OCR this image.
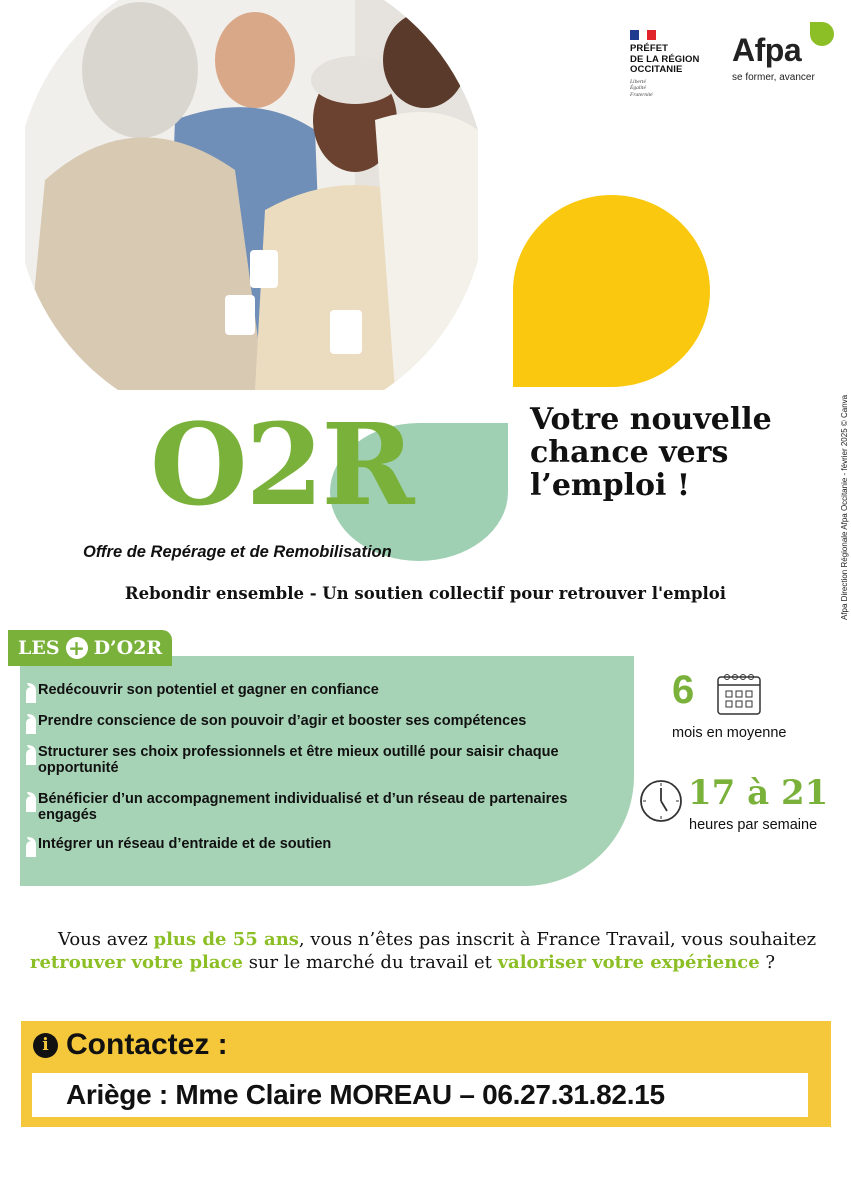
PRÉFET
DE LA RÉGION
OCCITANIE
Liberté
Égalité
Fraternité
Afpa
se former, avancer
O2R
Offre de Repérage et de Remobilisation
Votre nouvelle
chance vers
l’emploi !	Afpa Direction Régionale Afpa Occitanie - février 2025 © Canva
Rebondir ensemble - Un soutien collectif pour retrouver l'emploi
LES + D’O2R
Redécouvrir son potentiel et gagner en confiance
Prendre conscience de son pouvoir d’agir et booster ses compétences
Structurer ses choix professionnels et être mieux outillé pour saisir chaque opportunité
Bénéficier d’un accompagnement individualisé et d’un réseau de partenaires engagés
Intégrer un réseau d’entraide et de soutien
6
mois en moyenne
17 à 21
heures par semaine
Vous avez plus de 55 ans, vous n’êtes pas inscrit à France Travail, vous souhaitez retrouver votre place sur le marché du travail et valoriser votre expérience ?
i Contactez :
Ariège : Mme Claire MOREAU – 06.27.31.82.15
